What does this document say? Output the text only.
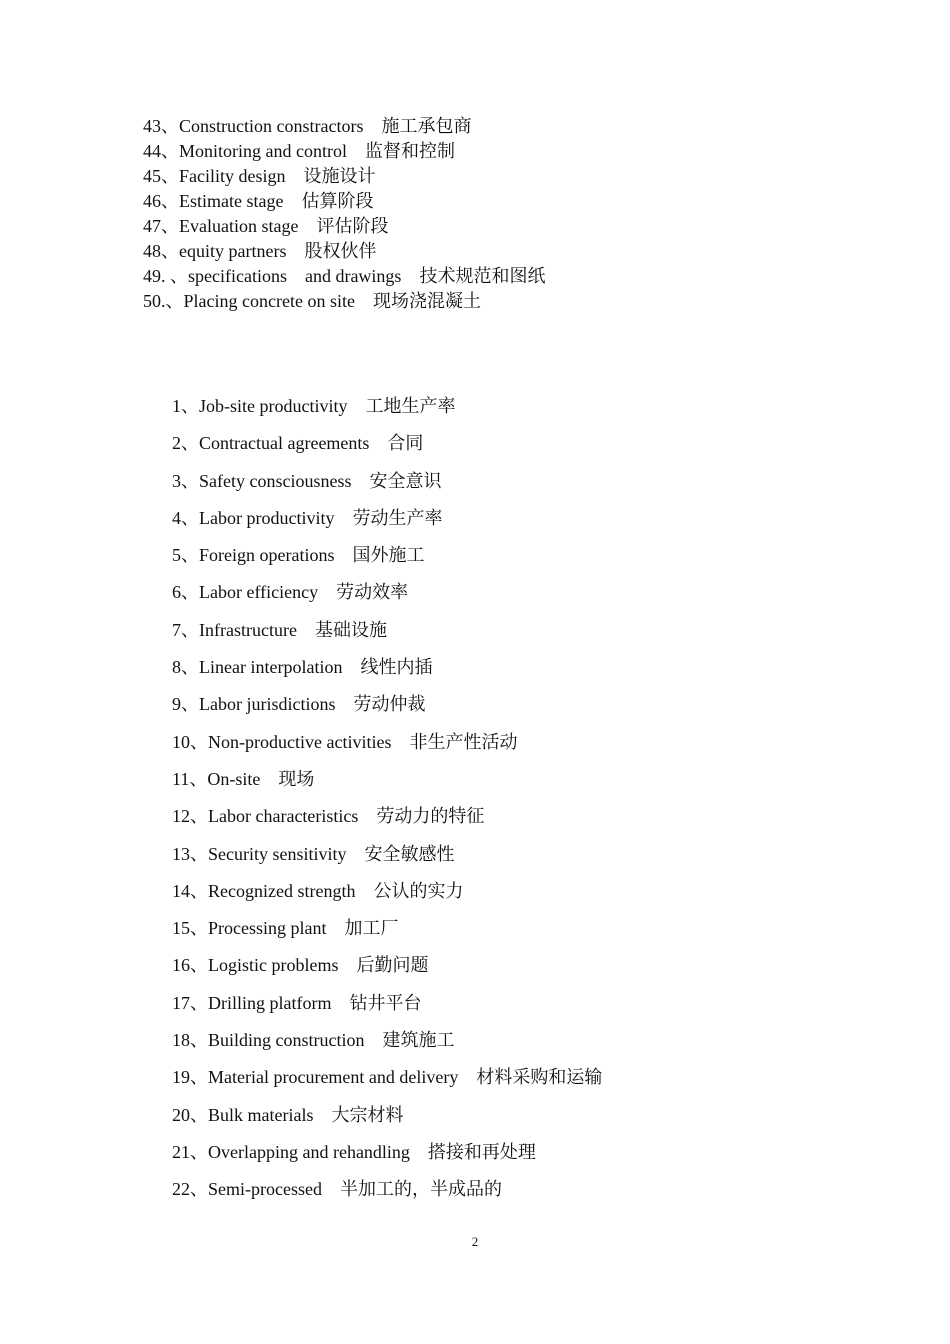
43、Construction constractors　施工承包商
44、Monitoring and control　监督和控制
45、Facility design　设施设计
46、Estimate stage　估算阶段
47、Evaluation stage　评估阶段
48、equity partners　股权伙伴
49. 、specifications　and drawings　技术规范和图纸
50.、Placing concrete on site　现场浇混凝土
1、Job-site productivity　工地生产率
2、Contractual agreements　合同
3、Safety consciousness　安全意识
4、Labor productivity　劳动生产率
5、Foreign operations　国外施工
6、Labor efficiency　劳动效率
7、Infrastructure　基础设施
8、Linear interpolation　线性内插
9、Labor jurisdictions　劳动仲裁
10、Non-productive activities　非生产性活动
11、On-site　现场
12、Labor characteristics　劳动力的特征
13、Security sensitivity　安全敏感性
14、Recognized strength　公认的实力
15、Processing plant　加工厂
16、Logistic problems　后勤问题
17、Drilling platform　钻井平台
18、Building construction　建筑施工
19、Material procurement and delivery　材料采购和运输
20、Bulk materials　大宗材料
21、Overlapping and rehandling　搭接和再处理
22、Semi-processed　半加工的，半成品的
2
